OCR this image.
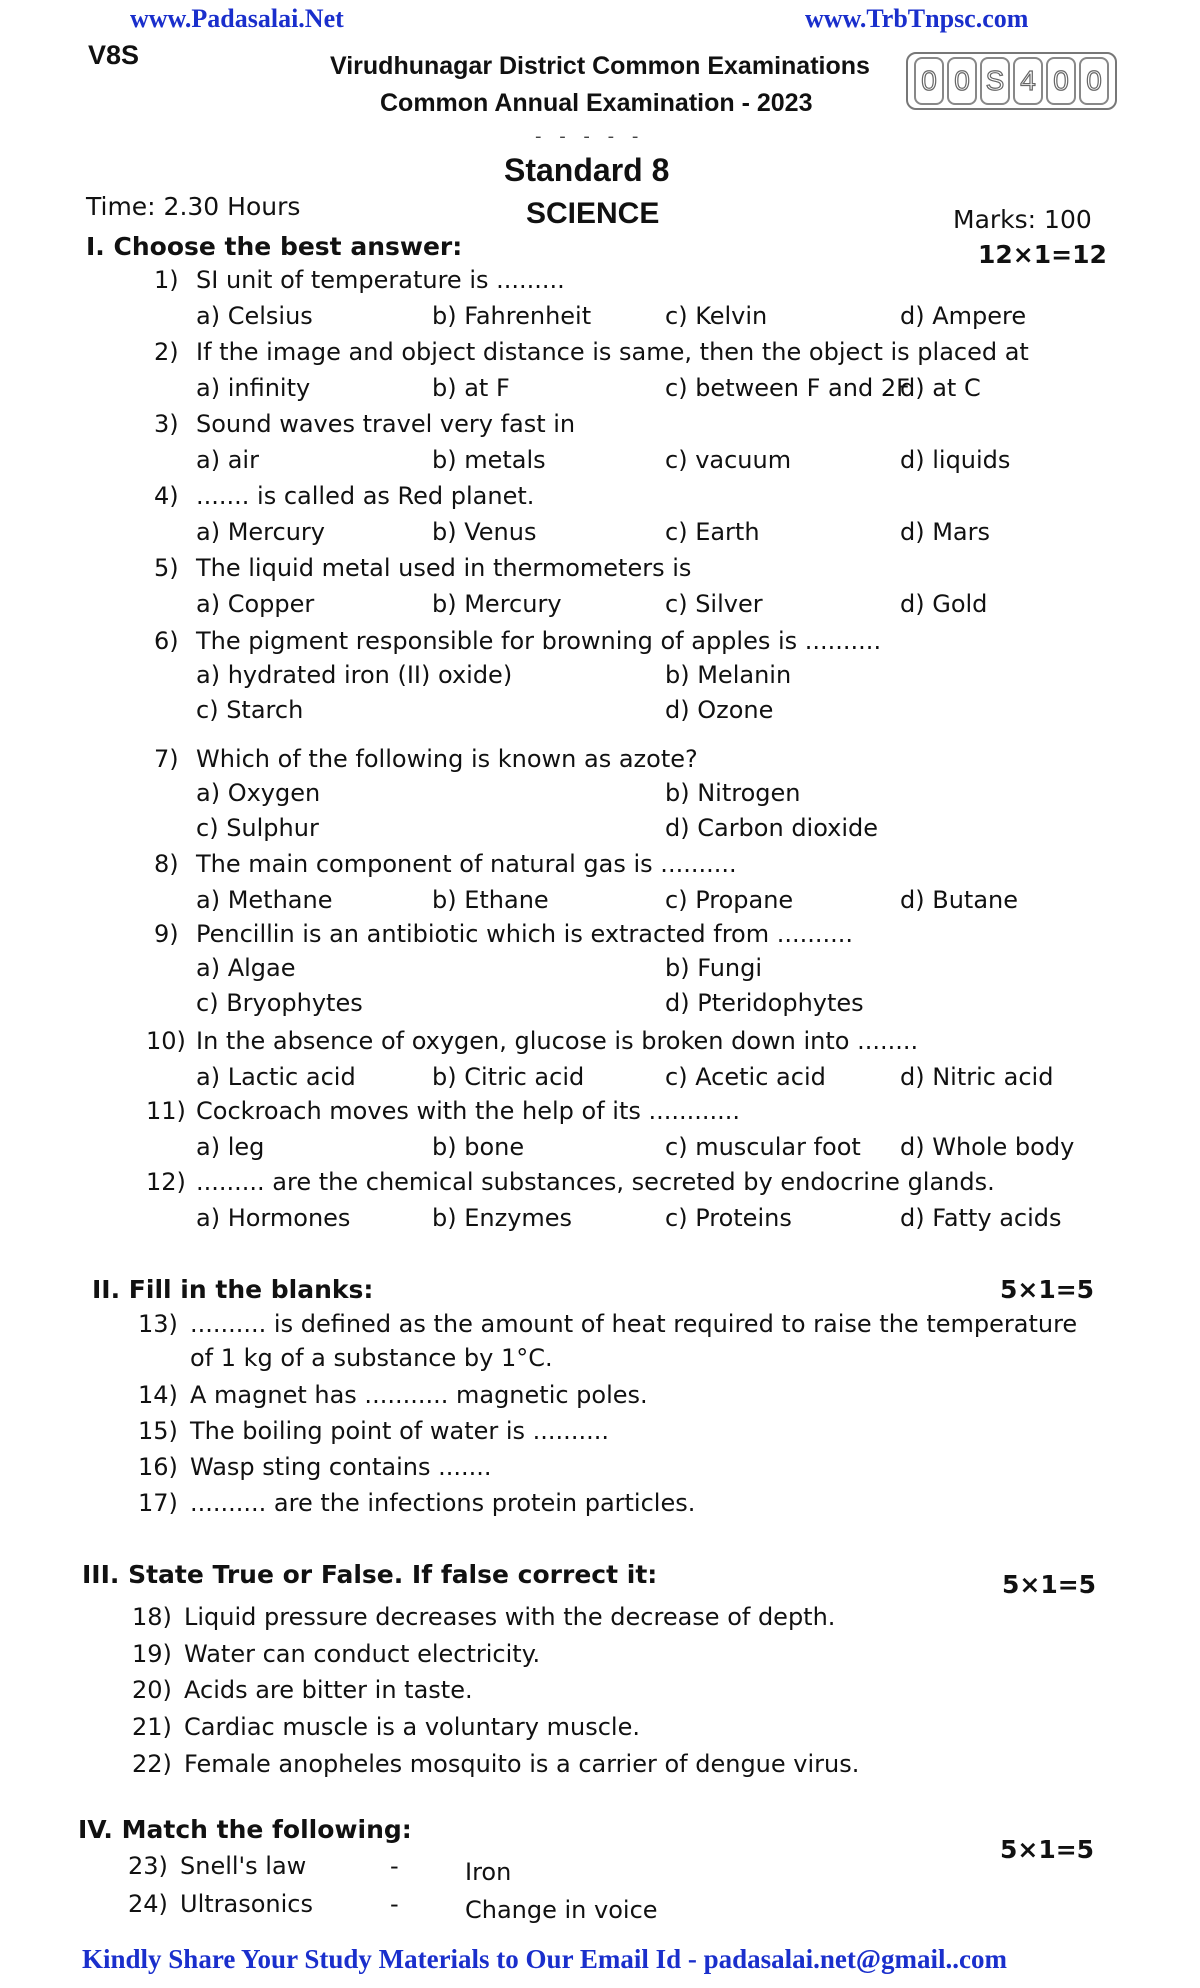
www.Padasalai.Net	www.TrbTnpsc.com
V8S	Virudhunagar District Common Examinations
Common Annual Examination - 2023
- - - - -
0 0 S 4 0 0
Standard 8
Time: 2.30 Hours	SCIENCE	Marks: 100
I. Choose the best answer:	12×1=12
1) SI unit of temperature is .........
a) Celsius	b) Fahrenheit	c) Kelvin	d) Ampere
2) If the image and object distance is same, then the object is placed at
a) infinity	b) at F	c) between F and 2F
d) at C
3) Sound waves travel very fast in
a) air	b) metals	c) vacuum	d) liquids
4) ....... is called as Red planet.
a) Mercury	b) Venus	c) Earth	d) Mars
5) The liquid metal used in thermometers is
a) Copper	b) Mercury	c) Silver	d) Gold
6) The pigment responsible for browning of apples is ..........
a) hydrated iron (II) oxide)	b) Melanin
c) Starch	d) Ozone
7) Which of the following is known as azote?
a) Oxygen	b) Nitrogen
c) Sulphur	d) Carbon dioxide
8) The main component of natural gas is ..........
a) Methane	b) Ethane	c) Propane	d) Butane
9) Pencillin is an antibiotic which is extracted from ..........
a) Algae	b) Fungi
c) Bryophytes	d) Pteridophytes
10) In the absence of oxygen, glucose is broken down into ........
a) Lactic acid	b) Citric acid	c) Acetic acid	d) Nitric acid
11) Cockroach moves with the help of its ............
a) leg	b) bone	c) muscular foot d) Whole body
12) ......... are the chemical substances, secreted by endocrine glands.
a) Hormones	b) Enzymes	c) Proteins	d) Fatty acids
II. Fill in the blanks:	5×1=5
13) .......... is defined as the amount of heat required to raise the temperature
of 1 kg of a substance by 1°C.
14) A magnet has ........... magnetic poles.
15) The boiling point of water is ..........
16) Wasp sting contains .......
17) .......... are the infections protein particles.
III. State True or False. If false correct it:	5×1=5
18) Liquid pressure decreases with the decrease of depth.
19) Water can conduct electricity.
20) Acids are bitter in taste.
21) Cardiac muscle is a voluntary muscle.
22) Female anopheles mosquito is a carrier of dengue virus.
IV. Match the following:
5×1=5
23) Snell's law	-	Iron
24) Ultrasonics	-	Change in voice
Kindly Share Your Study Materials to Our Email Id - padasalai.net@gmail..com
